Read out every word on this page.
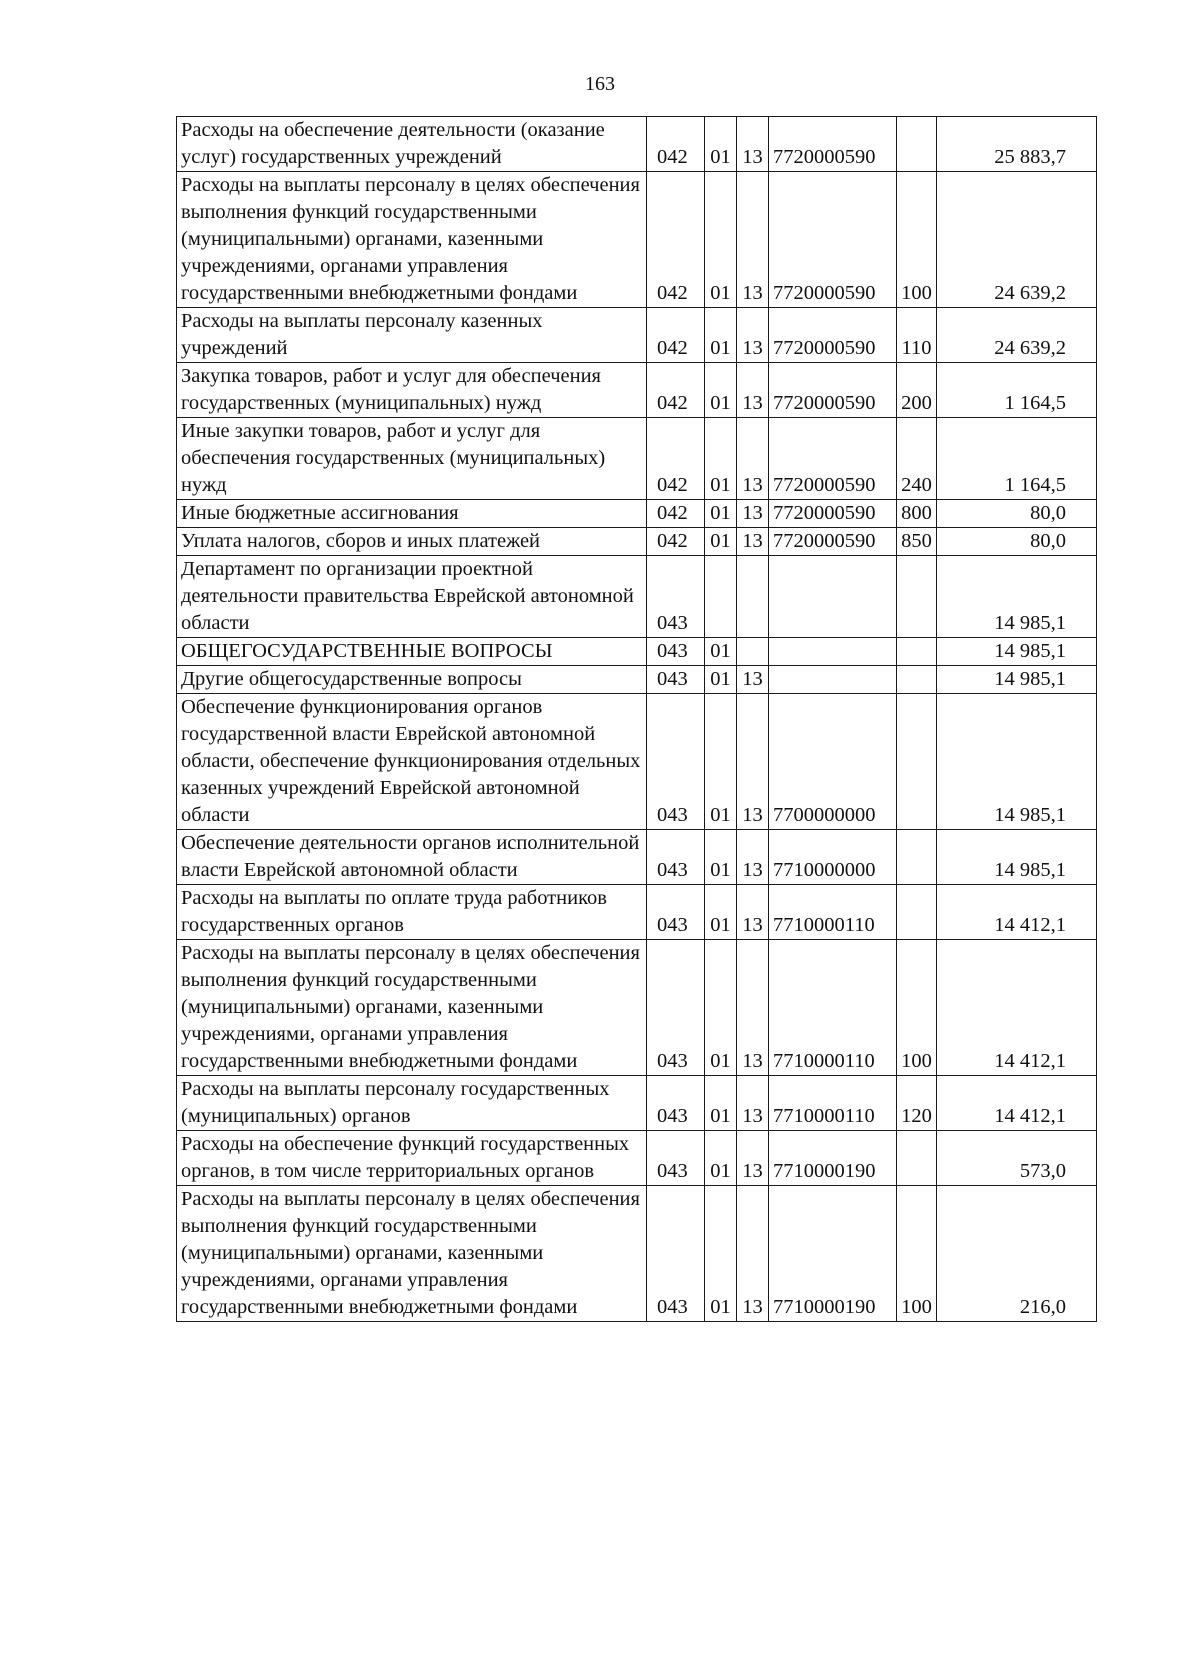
163
Расходы на обеспечение деятельности (оказание услуг) государственных учреждений	042	01	13	7720000590		25 883,7
Расходы на выплаты персоналу в целях обеспечения выполнения функций государственными (муниципальными) органами, казенными учреждениями, органами управления государственными внебюджетными фондами	042	01	13	7720000590	100	24 639,2
Расходы на выплаты персоналу казенных учреждений	042	01	13	7720000590	110	24 639,2
Закупка товаров, работ и услуг для обеспечения государственных (муниципальных) нужд	042	01	13	7720000590	200	1 164,5
Иные закупки товаров, работ и услуг для обеспечения государственных (муниципальных) нужд	042	01	13	7720000590	240	1 164,5
Иные бюджетные ассигнования	042	01	13	7720000590	800	80,0
Уплата налогов, сборов и иных платежей	042	01	13	7720000590	850	80,0
Департамент по организации проектной деятельности правительства Еврейской автономной области	043					14 985,1
ОБЩЕГОСУДАРСТВЕННЫЕ ВОПРОСЫ	043	01				14 985,1
Другие общегосударственные вопросы	043	01	13			14 985,1
Обеспечение функционирования органов государственной власти Еврейской автономной области, обеспечение функционирования отдельных казенных учреждений Еврейской автономной области	043	01	13	7700000000		14 985,1
Обеспечение деятельности органов исполнительной власти Еврейской автономной области	043	01	13	7710000000		14 985,1
Расходы на выплаты по оплате труда работников государственных органов	043	01	13	7710000110		14 412,1
Расходы на выплаты персоналу в целях обеспечения выполнения функций государственными (муниципальными) органами, казенными учреждениями, органами управления государственными внебюджетными фондами	043	01	13	7710000110	100	14 412,1
Расходы на выплаты персоналу государственных (муниципальных) органов	043	01	13	7710000110	120	14 412,1
Расходы на обеспечение функций государственных органов, в том числе территориальных органов	043	01	13	7710000190		573,0
Расходы на выплаты персоналу в целях обеспечения выполнения функций государственными (муниципальными) органами, казенными учреждениями, органами управления государственными внебюджетными фондами	043	01	13	7710000190	100	216,0
